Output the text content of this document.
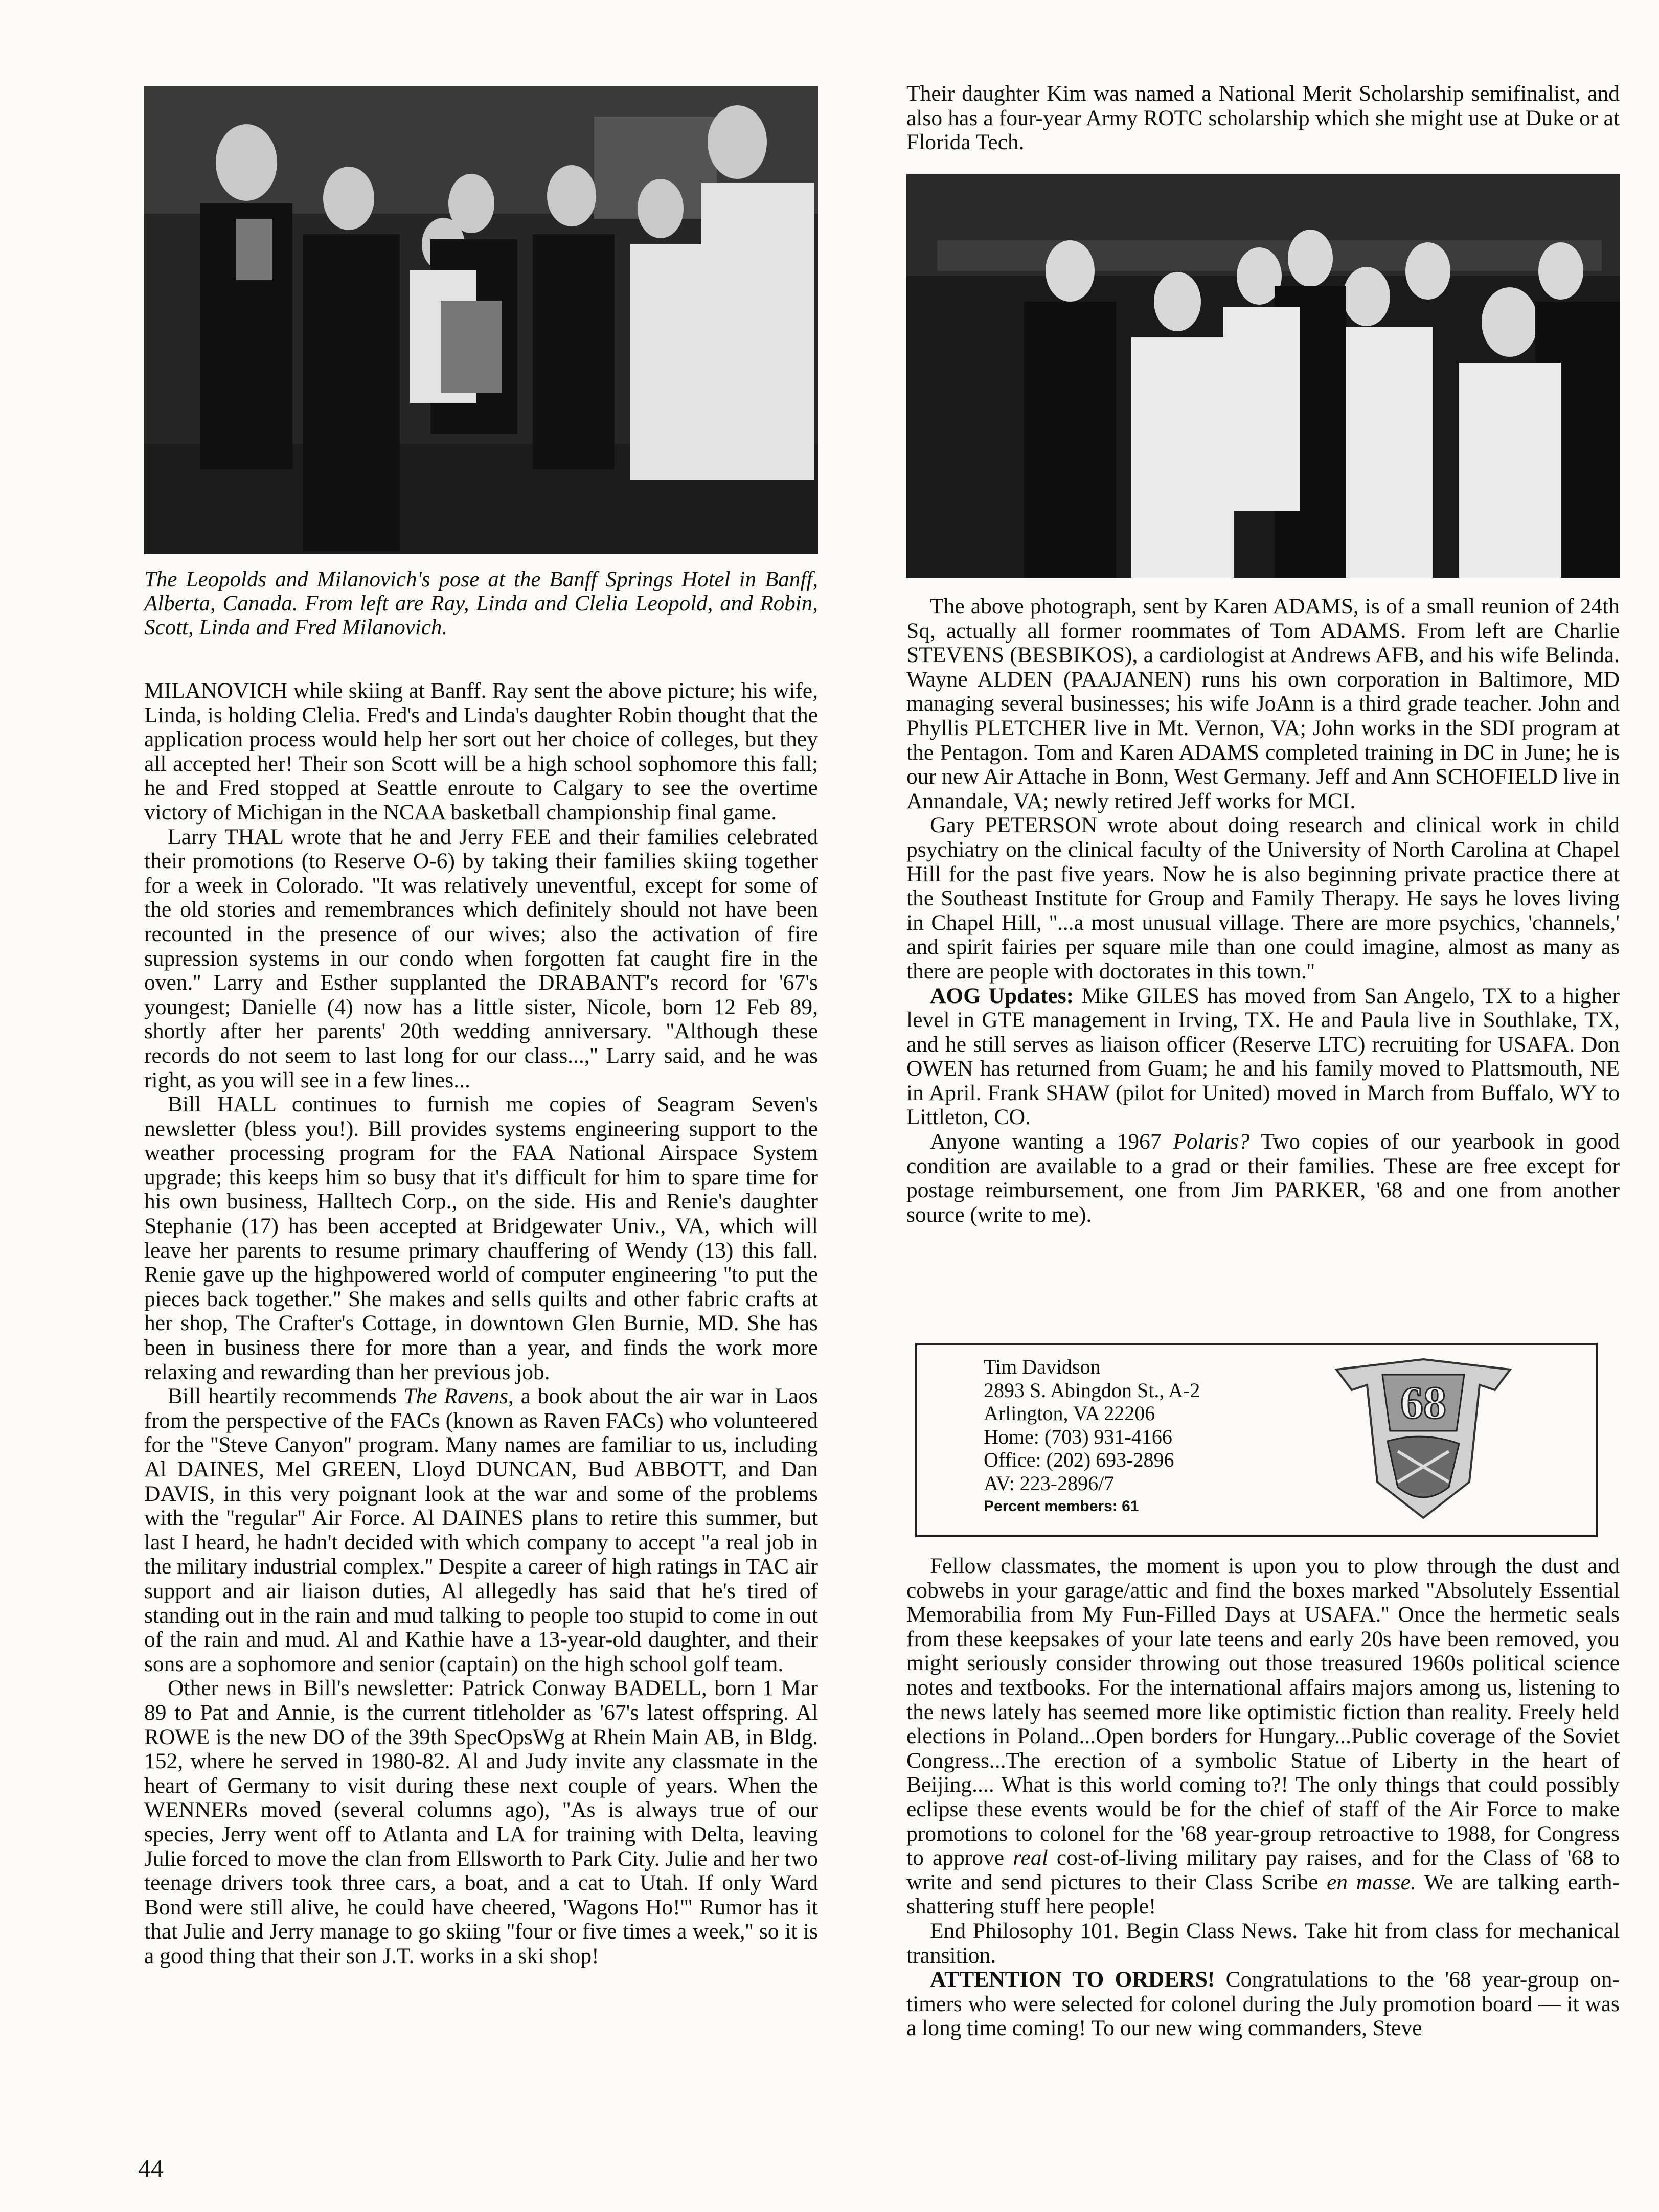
The Leopolds and Milanovich's pose at the Banff Springs Hotel in Banff, Alberta, Canada. From left are Ray, Linda and Clelia Leopold, and Robin, Scott, Linda and Fred Milanovich.

MILANOVICH while skiing at Banff. Ray sent the above picture; his wife, Linda, is holding Clelia. Fred's and Linda's daughter Robin thought that the application process would help her sort out her choice of colleges, but they all accepted her! Their son Scott will be a high school sophomore this fall; he and Fred stopped at Seattle enroute to Calgary to see the overtime victory of Michigan in the NCAA basketball championship final game.

Larry THAL wrote that he and Jerry FEE and their families celebrated their promotions (to Reserve O-6) by taking their families skiing together for a week in Colorado. ''It was relatively uneventful, except for some of the old stories and remembrances which definitely should not have been recounted in the presence of our wives; also the activation of fire supression systems in our condo when forgotten fat caught fire in the oven.'' Larry and Esther supplanted the DRABANT's record for '67's youngest; Danielle (4) now has a little sister, Nicole, born 12 Feb 89, shortly after her parents' 20th wedding anniversary. ''Although these records do not seem to last long for our class...,'' Larry said, and he was right, as you will see in a few lines...

Bill HALL continues to furnish me copies of Seagram Seven's newsletter (bless you!). Bill provides systems engineering support to the weather processing program for the FAA National Airspace System upgrade; this keeps him so busy that it's difficult for him to spare time for his own business, Halltech Corp., on the side. His and Renie's daughter Stephanie (17) has been accepted at Bridgewater Univ., VA, which will leave her parents to resume primary chauffering of Wendy (13) this fall. Renie gave up the highpowered world of computer engineering ''to put the pieces back together.'' She makes and sells quilts and other fabric crafts at her shop, The Crafter's Cottage, in downtown Glen Burnie, MD. She has been in business there for more than a year, and finds the work more relaxing and rewarding than her previous job.

Bill heartily recommends The Ravens, a book about the air war in Laos from the perspective of the FACs (known as Raven FACs) who volunteered for the ''Steve Canyon'' program. Many names are familiar to us, including Al DAINES, Mel GREEN, Lloyd DUNCAN, Bud ABBOTT, and Dan DAVIS, in this very poignant look at the war and some of the problems with the ''regular'' Air Force. Al DAINES plans to retire this summer, but last I heard, he hadn't decided with which company to accept ''a real job in the military industrial complex.'' Despite a career of high ratings in TAC air support and air liaison duties, Al allegedly has said that he's tired of standing out in the rain and mud talking to people too stupid to come in out of the rain and mud. Al and Kathie have a 13-year-old daughter, and their sons are a sophomore and senior (captain) on the high school golf team.

Other news in Bill's newsletter: Patrick Conway BADELL, born 1 Mar 89 to Pat and Annie, is the current titleholder as '67's latest offspring. Al ROWE is the new DO of the 39th SpecOpsWg at Rhein Main AB, in Bldg. 152, where he served in 1980-82. Al and Judy invite any classmate in the heart of Germany to visit during these next couple of years. When the WENNERs moved (several columns ago), ''As is always true of our species, Jerry went off to Atlanta and LA for training with Delta, leaving Julie forced to move the clan from Ellsworth to Park City. Julie and her two teenage drivers took three cars, a boat, and a cat to Utah. If only Ward Bond were still alive, he could have cheered, 'Wagons Ho!''' Rumor has it that Julie and Jerry manage to go skiing ''four or five times a week,'' so it is a good thing that their son J.T. works in a ski shop!

Their daughter Kim was named a National Merit Scholarship semifinalist, and also has a four-year Army ROTC scholarship which she might use at Duke or at Florida Tech.

The above photograph, sent by Karen ADAMS, is of a small reunion of 24th Sq, actually all former roommates of Tom ADAMS. From left are Charlie STEVENS (BESBIKOS), a cardiologist at Andrews AFB, and his wife Belinda. Wayne ALDEN (PAAJANEN) runs his own corporation in Baltimore, MD managing several businesses; his wife JoAnn is a third grade teacher. John and Phyllis PLETCHER live in Mt. Vernon, VA; John works in the SDI program at the Pentagon. Tom and Karen ADAMS completed training in DC in June; he is our new Air Attache in Bonn, West Germany. Jeff and Ann SCHOFIELD live in Annandale, VA; newly retired Jeff works for MCI.

Gary PETERSON wrote about doing research and clinical work in child psychiatry on the clinical faculty of the University of North Carolina at Chapel Hill for the past five years. Now he is also beginning private practice there at the Southeast Institute for Group and Family Therapy. He says he loves living in Chapel Hill, ''...a most unusual village. There are more psychics, 'channels,' and spirit fairies per square mile than one could imagine, almost as many as there are people with doctorates in this town.''

AOG Updates: Mike GILES has moved from San Angelo, TX to a higher level in GTE management in Irving, TX. He and Paula live in Southlake, TX, and he still serves as liaison officer (Reserve LTC) recruiting for USAFA. Don OWEN has returned from Guam; he and his family moved to Plattsmouth, NE in April. Frank SHAW (pilot for United) moved in March from Buffalo, WY to Littleton, CO.

Anyone wanting a 1967 Polaris? Two copies of our yearbook in good condition are available to a grad or their families. These are free except for postage reimbursement, one from Jim PARKER, '68 and one from another source (write to me).

Tim Davidson
2893 S. Abingdon St., A-2
Arlington, VA 22206
Home: (703) 931-4166
Office: (202) 693-2896
AV: 223-2896/7
Percent members: 61
68

Fellow classmates, the moment is upon you to plow through the dust and cobwebs in your garage/attic and find the boxes marked ''Absolutely Essential Memorabilia from My Fun-Filled Days at USAFA.'' Once the hermetic seals from these keepsakes of your late teens and early 20s have been removed, you might seriously consider throwing out those treasured 1960s political science notes and textbooks. For the international affairs majors among us, listening to the news lately has seemed more like optimistic fiction than reality. Freely held elections in Poland...Open borders for Hungary...Public coverage of the Soviet Congress...The erection of a symbolic Statue of Liberty in the heart of Beijing.... What is this world coming to?! The only things that could possibly eclipse these events would be for the chief of staff of the Air Force to make promotions to colonel for the '68 year-group retroactive to 1988, for Congress to approve real cost-of-living military pay raises, and for the Class of '68 to write and send pictures to their Class Scribe en masse. We are talking earth-shattering stuff here people!

End Philosophy 101. Begin Class News. Take hit from class for mechanical transition.

ATTENTION TO ORDERS! Congratulations to the '68 year-group on-timers who were selected for colonel during the July promotion board — it was a long time coming! To our new wing commanders, Steve

44
